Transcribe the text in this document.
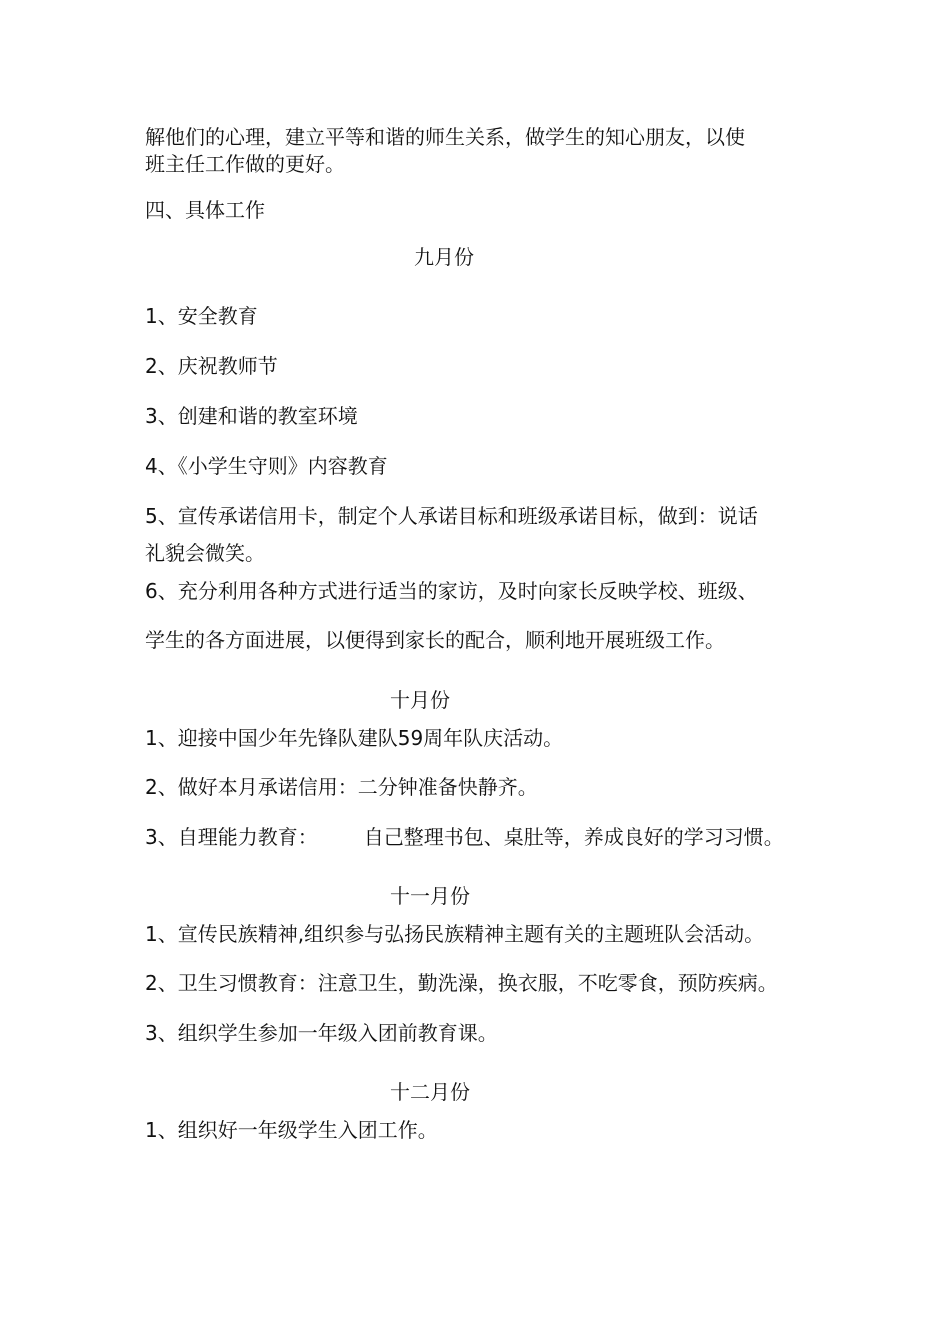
解他们的心理，建立平等和谐的师生关系，做学生的知心朋友，以使
班主任工作做的更好。
四、具体工作
九月份
1、安全教育
2、庆祝教师节
3、创建和谐的教室环境
4、《小学生守则》内容教育
5、宣传承诺信用卡，制定个人承诺目标和班级承诺目标，做到：说话
礼貌会微笑。
6、充分利用各种方式进行适当的家访，及时向家长反映学校、班级、
学生的各方面进展，以便得到家长的配合，顺利地开展班级工作。
十月份
1、迎接中国少年先锋队建队59周年队庆活动。
2、做好本月承诺信用：二分钟准备快静齐。
3、自理能力教育： 自己整理书包、桌肚等，养成良好的学习习惯。
十一月份
1、宣传民族精神,组织参与弘扬民族精神主题有关的主题班队会活动。
2、卫生习惯教育：注意卫生，勤洗澡，换衣服，不吃零食，预防疾病。
3、组织学生参加一年级入团前教育课。
十二月份
1、组织好一年级学生入团工作。
